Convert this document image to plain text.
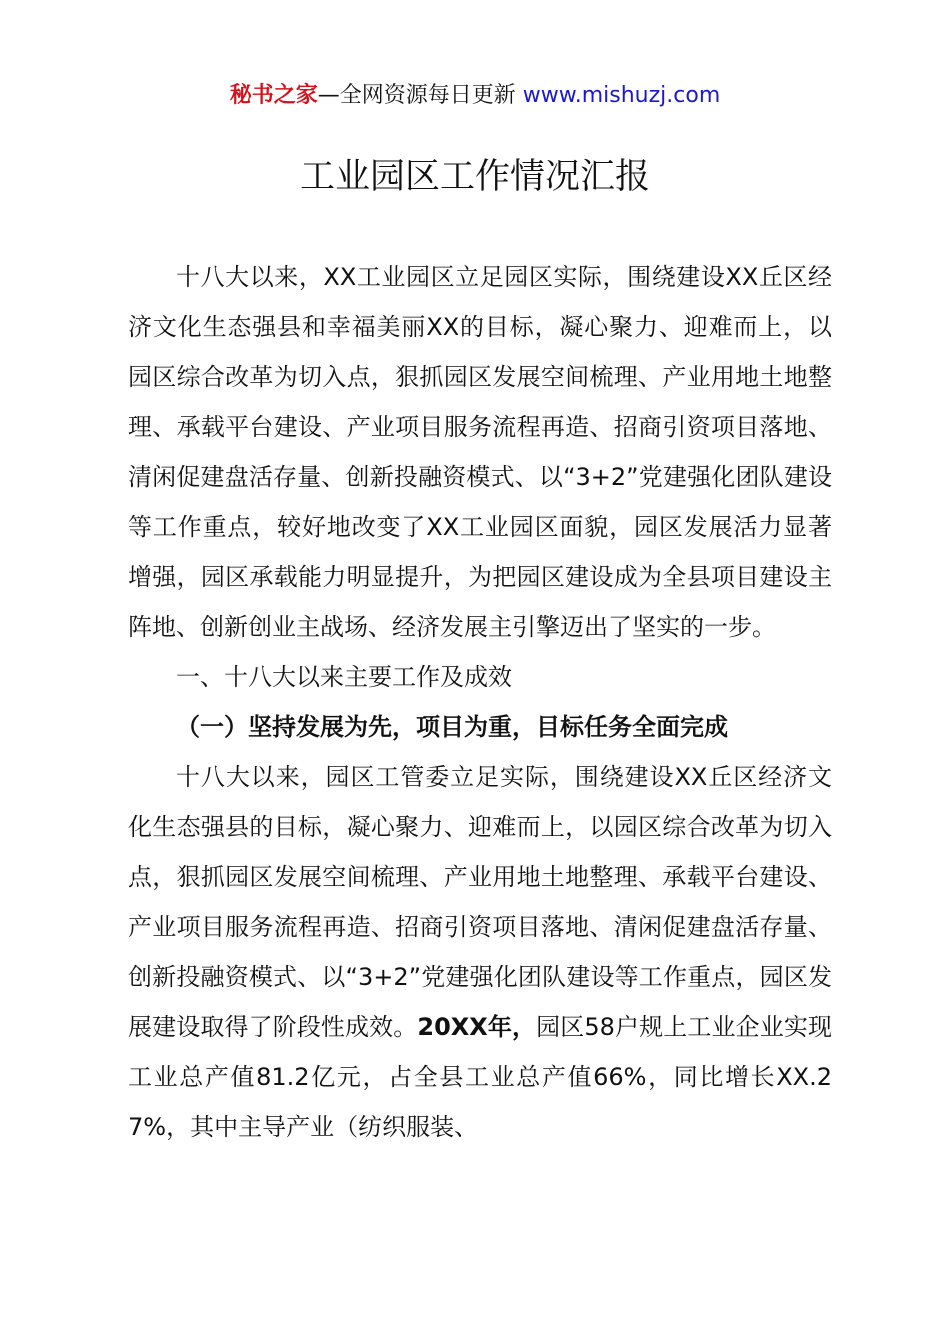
秘书之家—全网资源每日更新 www.mishuzj.com
工业园区工作情况汇报

十八大以来，XX工业园区立足园区实际，围绕建设XX丘区经济文化生态强县和幸福美丽XX的目标，凝心聚力、迎难而上，以园区综合改革为切入点，狠抓园区发展空间梳理、产业用地土地整理、承载平台建设、产业项目服务流程再造、招商引资项目落地、清闲促建盘活存量、创新投融资模式、以“3+2”党建强化团队建设等工作重点，较好地改变了XX工业园区面貌，园区发展活力显著增强，园区承载能力明显提升，为把园区建设成为全县项目建设主阵地、创新创业主战场、经济发展主引擎迈出了坚实的一步。

一、十八大以来主要工作及成效

（一）坚持发展为先，项目为重，目标任务全面完成

十八大以来，园区工管委立足实际，围绕建设XX丘区经济文化生态强县的目标，凝心聚力、迎难而上，以园区综合改革为切入点，狠抓园区发展空间梳理、产业用地土地整理、承载平台建设、产业项目服务流程再造、招商引资项目落地、清闲促建盘活存量、创新投融资模式、以“3+2”党建强化团队建设等工作重点，园区发展建设取得了阶段性成效。20XX年，园区58户规上工业企业实现工业总产值81.2亿元，占全县工业总产值66%，同比增长XX.27%，其中主导产业（纺织服装、
